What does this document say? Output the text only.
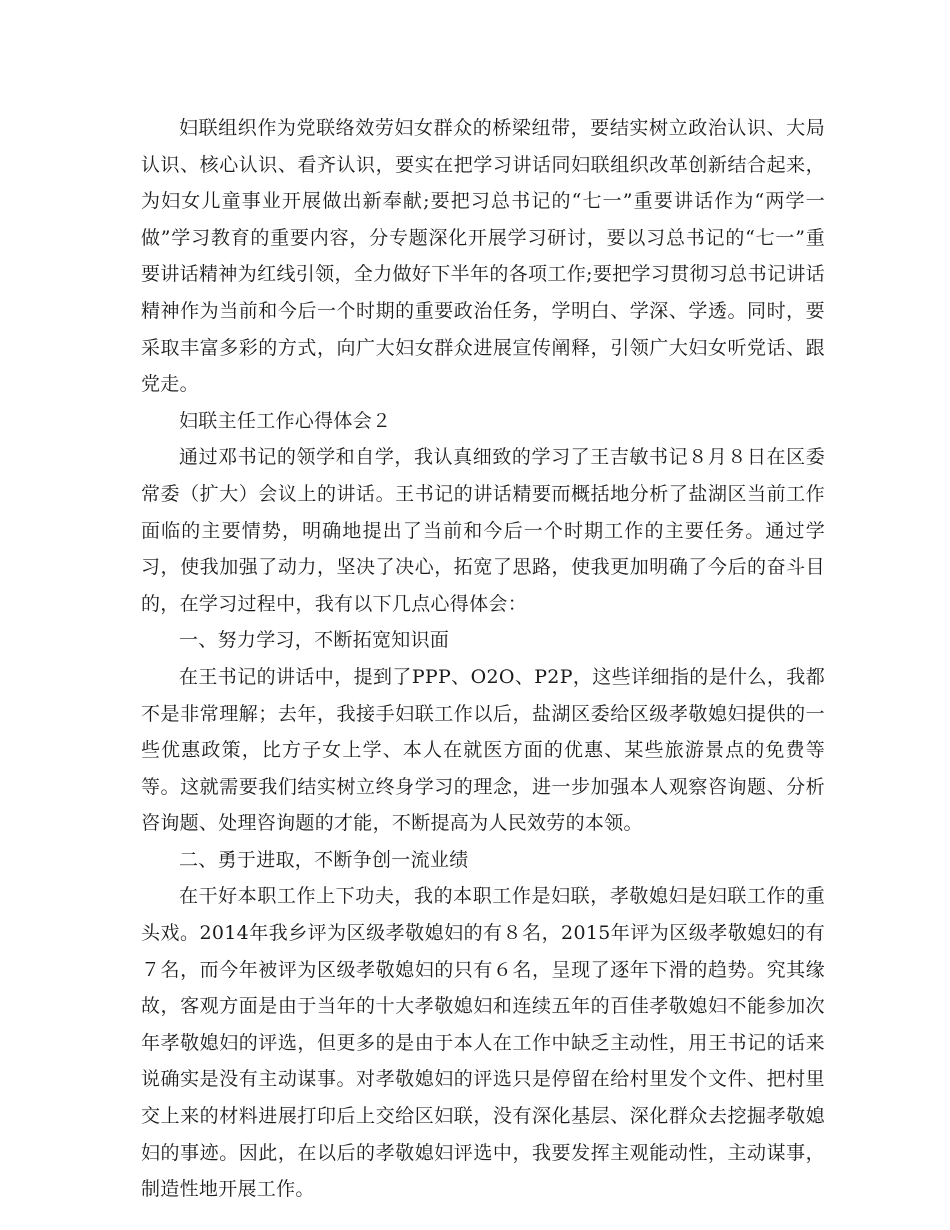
妇联组织作为党联络效劳妇女群众的桥梁纽带，要结实树立政治认识、大局认识、核心认识、看齐认识，要实在把学习讲话同妇联组织改革创新结合起来，为妇女儿童事业开展做出新奉献;要把习总书记的“七一”重要讲话作为“两学一做”学习教育的重要内容，分专题深化开展学习研讨，要以习总书记的“七一”重要讲话精神为红线引领，全力做好下半年的各项工作;要把学习贯彻习总书记讲话精神作为当前和今后一个时期的重要政治任务，学明白、学深、学透。同时，要采取丰富多彩的方式，向广大妇女群众进展宣传阐释，引领广大妇女听党话、跟党走。

妇联主任工作心得体会２

通过邓书记的领学和自学，我认真细致的学习了王吉敏书记８月８日在区委常委（扩大）会议上的讲话。王书记的讲话精要而概括地分析了盐湖区当前工作面临的主要情势，明确地提出了当前和今后一个时期工作的主要任务。通过学习，使我加强了动力，坚决了决心，拓宽了思路，使我更加明确了今后的奋斗目的，在学习过程中，我有以下几点心得体会：

一、努力学习，不断拓宽知识面

在王书记的讲话中，提到了PPP、O2O、P2P，这些详细指的是什么，我都不是非常理解；去年，我接手妇联工作以后，盐湖区委给区级孝敬媳妇提供的一些优惠政策，比方子女上学、本人在就医方面的优惠、某些旅游景点的免费等等。这就需要我们结实树立终身学习的理念，进一步加强本人观察咨询题、分析咨询题、处理咨询题的才能，不断提高为人民效劳的本领。

二、勇于进取，不断争创一流业绩

在干好本职工作上下功夫，我的本职工作是妇联，孝敬媳妇是妇联工作的重头戏。2014年我乡评为区级孝敬媳妇的有８名，2015年评为区级孝敬媳妇的有７名，而今年被评为区级孝敬媳妇的只有６名，呈现了逐年下滑的趋势。究其缘故，客观方面是由于当年的十大孝敬媳妇和连续五年的百佳孝敬媳妇不能参加次年孝敬媳妇的评选，但更多的是由于本人在工作中缺乏主动性，用王书记的话来说确实是没有主动谋事。对孝敬媳妇的评选只是停留在给村里发个文件、把村里交上来的材料进展打印后上交给区妇联，没有深化基层、深化群众去挖掘孝敬媳妇的事迹。因此，在以后的孝敬媳妇评选中，我要发挥主观能动性，主动谋事，制造性地开展工作。
